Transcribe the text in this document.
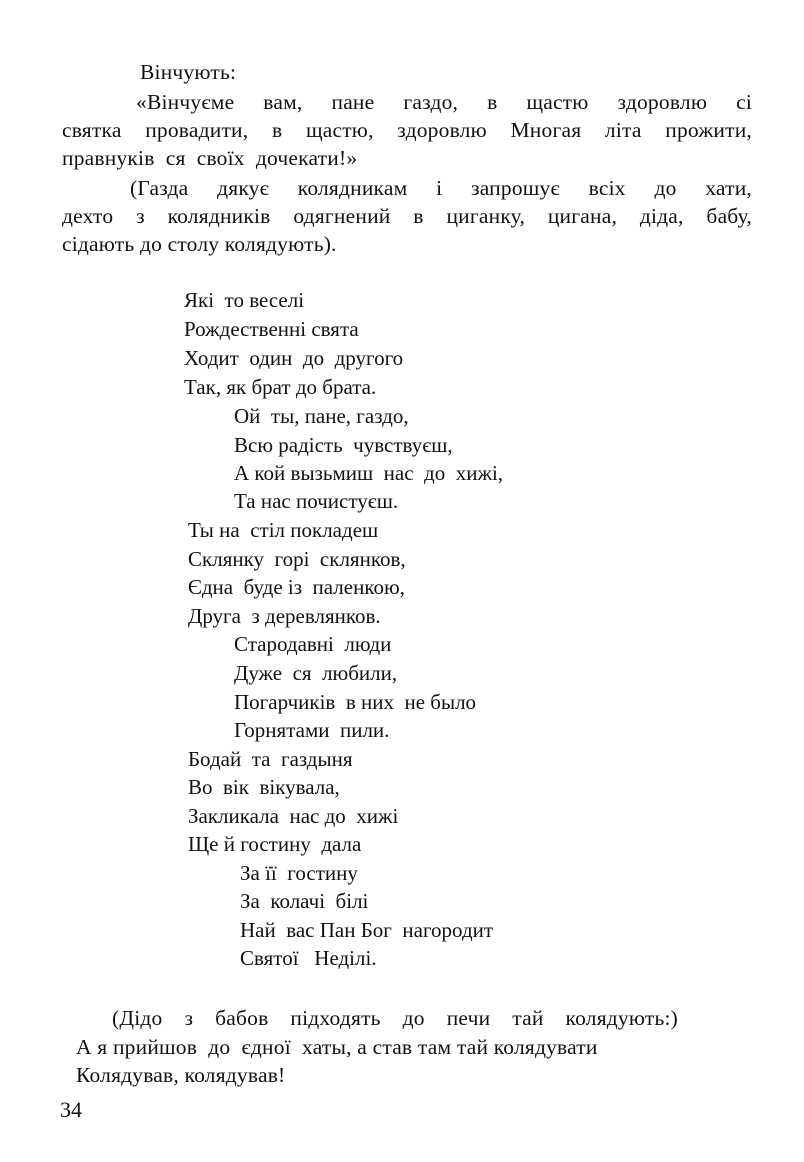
Вінчують:
«Вінчуєме вам, пане газдо, в щастю здоровлю сі
святка провадити, в щастю, здоровлю Многая літа прожити,
правнуків  ся  своїх  дочекати!»
(Газда дякує колядникам і запрошує всіх до хати,
дехто з колядників одягнений в циганку, цигана, діда, бабу,
сідають до столу колядують).
Які  то веселі
Рождественні свята
Ходит  один  до  другого
Так, як брат до брата.
Ой  ты, пане, газдо,
Всю радість  чувствуєш,
А кой вызьмиш  нас  до  хижі,
Та нас почистуєш.
Ты на  стіл покладеш
Склянку  горі  склянков,
Єдна  буде із  паленкою,
Друга  з деревлянков.
Стародавні  люди
Дуже  ся  любили,
Погарчиків  в них  не было
Горнятами  пили.
Бодай  та  газдыня
Во  вік  вікувала,
Закликала  нас до  хижі
Ще й гостину  дала
За її  гостину
За  колачі  білі
Най  вас Пан Бог  нагородит
Святої   Неділі.
(Дідо з бабов підходять до печи тай колядують:)
А я прийшов  до  єдної  хаты, а став там тай колядувати
Колядував, колядував!
34
